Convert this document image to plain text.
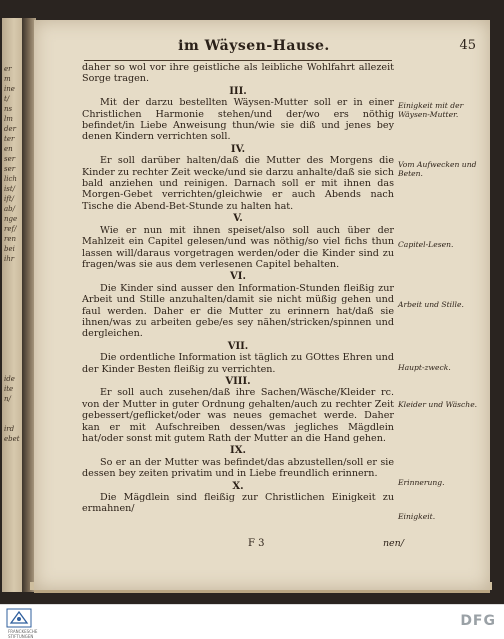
er
m
ine
t/
ns
lm
der
ter
en
ser
ser
lich
ist/
ift/
ab/
nge
ref/
ren
bei
ihr

ide
ite
n/

ird
ebet
im Wäysen-Hause.	45

daher so wol vor ihre geistliche als leibliche Wohlfahrt allezeit Sorge tragen.

III.

Mit der darzu bestellten Wäysen-Mutter soll er in einer Christlichen Harmonie stehen/und der/wo ers nöthig befindet/in Liebe Anweisung thun/wie sie diß und jenes bey denen Kindern verrichten soll.

IV.

Er soll darüber halten/daß die Mutter des Morgens die Kinder zu rechter Zeit wecke/und sie darzu anhalte/daß sie sich bald anziehen und reinigen. Darnach soll er mit ihnen das Morgen-Gebet verrichten/gleichwie er auch Abends nach Tische die Abend-Bet-Stunde zu halten hat.

V.

Wie er nun mit ihnen speiset/also soll auch über der Mahlzeit ein Capitel gelesen/und was nöthig/so viel fichs thun lassen will/daraus vorgetragen werden/oder die Kinder sind zu fragen/was sie aus dem verlesenen Capitel behalten.

VI.

Die Kinder sind ausser den Information-Stunden fleißig zur Arbeit und Stille anzuhalten/damit sie nicht müßig gehen und faul werden. Daher er die Mutter zu erinnern hat/daß sie ihnen/was zu arbeiten gebe/es sey nähen/stricken/spinnen und dergleichen.

VII.

Die ordentliche Information ist täglich zu GOttes Ehren und der Kinder Besten fleißig zu verrichten.

VIII.

Er soll auch zusehen/daß ihre Sachen/Wäsche/Kleider rc. von der Mutter in guter Ordnung gehalten/auch zu rechter Zeit gebessert/geflicket/oder was neues gemachet werde. Daher kan er mit Aufschreiben dessen/was jegliches Mägdlein hat/oder sonst mit gutem Rath der Mutter an die Hand gehen.

IX.

So er an der Mutter was befindet/das abzustellen/soll er sie dessen bey zeiten privatim und in Liebe freundlich erinnern.

X.

Die Mägdlein sind fleißig zur Christlichen Einigkeit zu ermahnen/

Einigkeit mit der Wäysen-Mutter.
Vom Aufwecken und Beten.
Capitel-Lesen.
Arbeit und Stille.
Haupt-zweck.
Kleider und Wäsche.
Erinnerung.
Einigkeit.
F 3	nen/
FRANCKESCHE STIFTUNGEN
DFG
